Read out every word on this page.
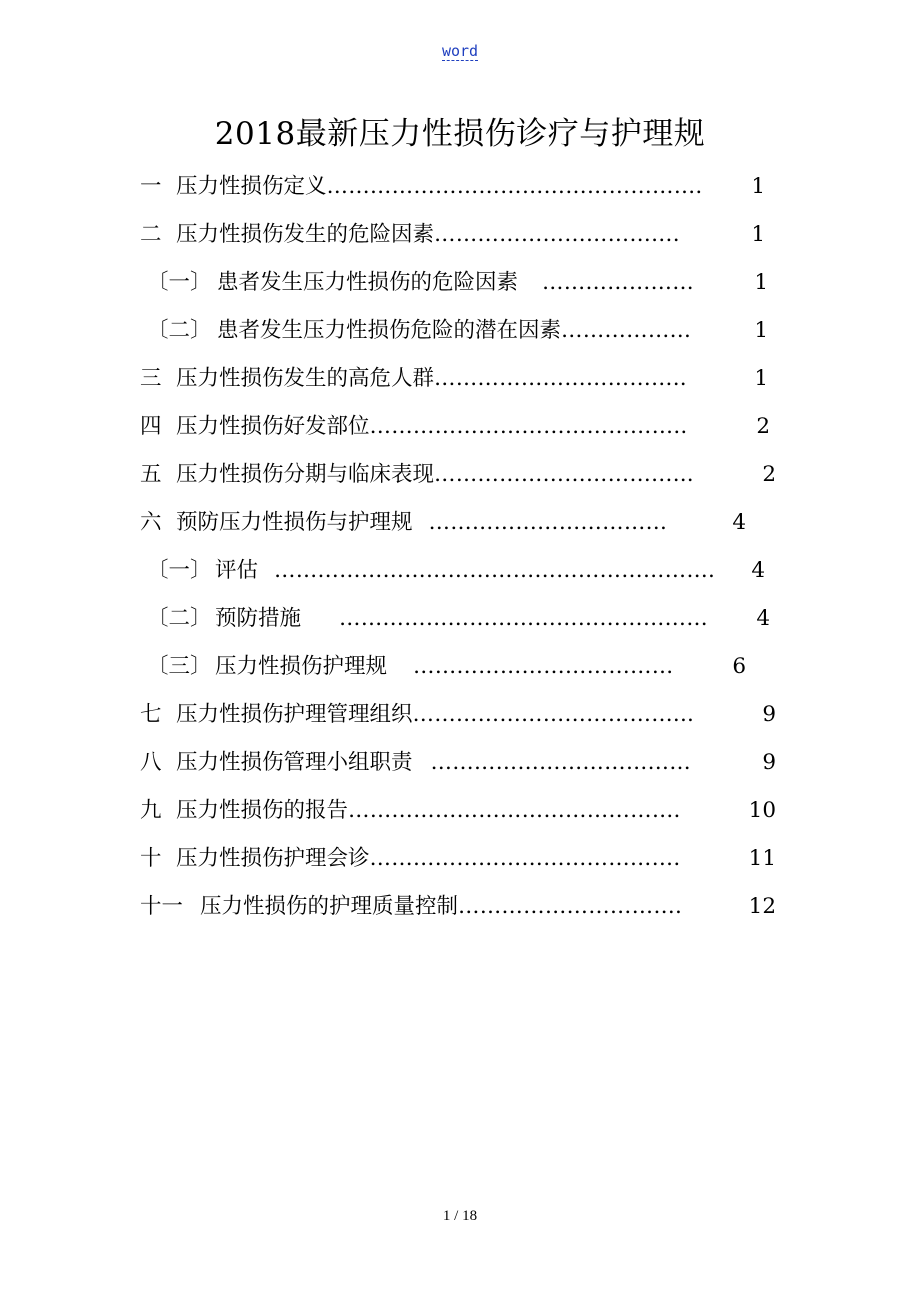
word
2018最新压力性损伤诊疗与护理规
一 压力性损伤定义 …………………………………………….	1
二 压力性损伤发生的危险因素 …………………………….	1
〔一〕 患者发生压力性损伤的危险因素	…………………	1
〔二〕 患者发生压力性损伤危险的潜在因素 ………………	1
三 压力性损伤发生的高危人群 ……………………………..	1
四 压力性损伤好发部位 ……………………………………..	2
五 压力性损伤分期与临床表现 ……………………………...	2
六 预防压力性损伤与护理规 ……………………………	4
〔一〕 评估 …………………………………………………….	4
〔二〕 预防措施	……………………………………………	4
〔三〕 压力性损伤护理规	………………………………	6
七 压力性损伤护理管理组织 ………………………………...	9
八 压力性损伤管理小组职责 ………………………………	9
九 压力性损伤的报告 ……………………………………….	10
十 压力性损伤护理会诊 …………………………………….	11
十一 压力性损伤的护理质量控制 ………………………….	12
1 / 18
